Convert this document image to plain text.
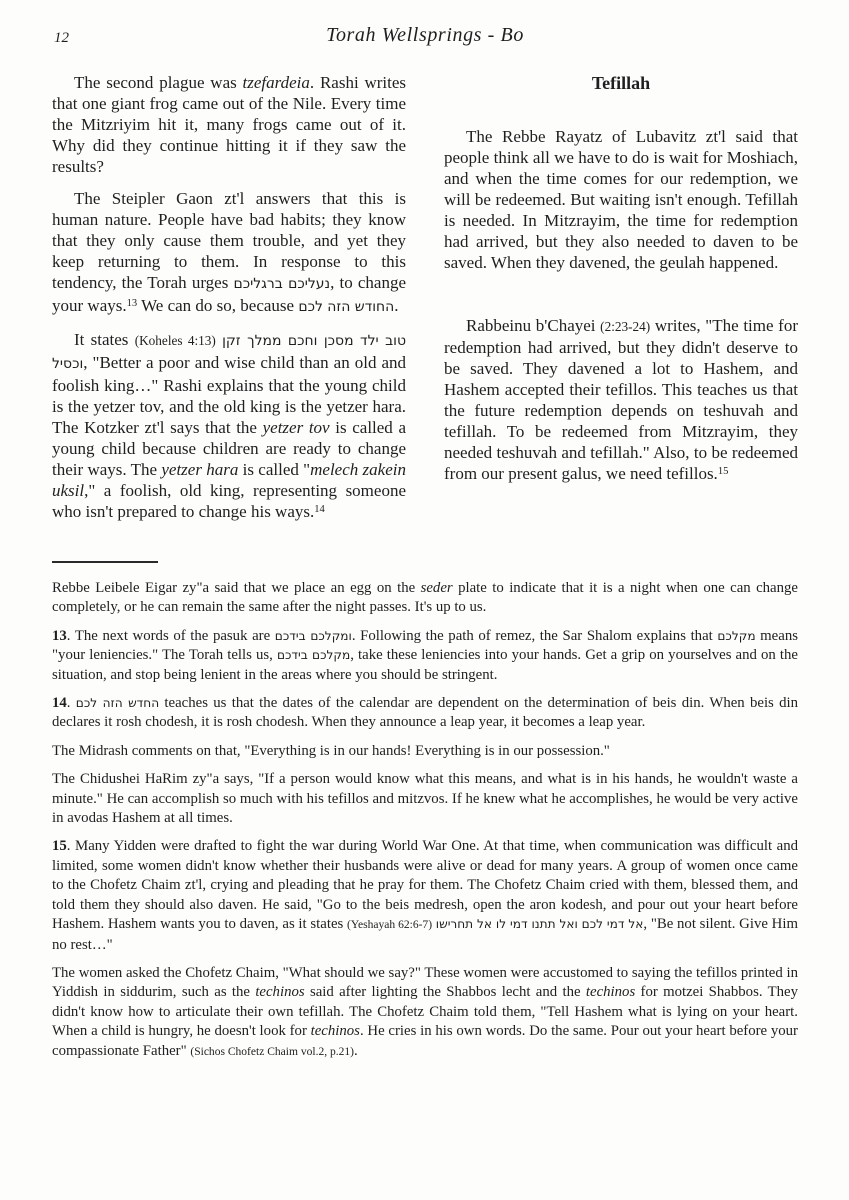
12	Torah Wellsprings - Bo

The second plague was tzefardeia. Rashi writes that one giant frog came out of the Nile. Every time the Mitzriyim hit it, many frogs came out of it. Why did they continue hitting it if they saw the results?

The Steipler Gaon zt'l answers that this is human nature. People have bad habits; they know that they only cause them trouble, and yet they keep returning to them. In response to this tendency, the Torah urges נעליכם ברגליכם, to change your ways.$^{13}$ We can do so, because החודש הזה לכם.

It states (Koheles 4:13) טוב ילד מסכן וחכם ממלך זקן וכסיל, "Better a poor and wise child than an old and foolish king…" Rashi explains that the young child is the yetzer tov, and the old king is the yetzer hara. The Kotzker zt'l says that the yetzer tov is called a young child because children are ready to change their ways. The yetzer hara is called "melech zakein uksil," a foolish, old king, representing someone who isn't prepared to change his ways.$^{14}$

Tefillah

The Rebbe Rayatz of Lubavitz zt'l said that people think all we have to do is wait for Moshiach, and when the time comes for our redemption, we will be redeemed. But waiting isn't enough. Tefillah is needed. In Mitzrayim, the time for redemption had arrived, but they also needed to daven to be saved. When they davened, the geulah happened.

Rabbeinu b'Chayei (2:23-24) writes, "The time for redemption had arrived, but they didn't deserve to be saved. They davened a lot to Hashem, and Hashem accepted their tefillos. This teaches us that the future redemption depends on teshuvah and tefillah. To be redeemed from Mitzrayim, they needed teshuvah and tefillah." Also, to be redeemed from our present galus, we need tefillos.$^{15}$

Rebbe Leibele Eigar zy"a said that we place an egg on the seder plate to indicate that it is a night when one can change completely, or he can remain the same after the night passes. It's up to us.

13. The next words of the pasuk are ומקלכם בידכם. Following the path of remez, the Sar Shalom explains that מקלכם means "your leniencies." The Torah tells us, מקלכם בידכם, take these leniencies into your hands. Get a grip on yourselves and on the situation, and stop being lenient in the areas where you should be stringent.

14. החדש הזה לכם teaches us that the dates of the calendar are dependent on the determination of beis din. When beis din declares it rosh chodesh, it is rosh chodesh. When they announce a leap year, it becomes a leap year.

The Midrash comments on that, "Everything is in our hands! Everything is in our possession."

The Chidushei HaRim zy"a says, "If a person would know what this means, and what is in his hands, he wouldn't waste a minute." He can accomplish so much with his tefillos and mitzvos. If he knew what he accomplishes, he would be very active in avodas Hashem at all times.

15. Many Yidden were drafted to fight the war during World War One. At that time, when communication was difficult and limited, some women didn't know whether their husbands were alive or dead for many years. A group of women once came to the Chofetz Chaim zt'l, crying and pleading that he pray for them. The Chofetz Chaim cried with them, blessed them, and told them they should also daven. He said, "Go to the beis medresh, open the aron kodesh, and pour out your heart before Hashem. Hashem wants you to daven, as it states (Yeshayah 62:6-7) אל דמי לכם ואל תתנו דמי לו אל תחרישו, "Be not silent. Give Him no rest…"

The women asked the Chofetz Chaim, "What should we say?" These women were accustomed to saying the tefillos printed in Yiddish in siddurim, such as the techinos said after lighting the Shabbos lecht and the techinos for motzei Shabbos. They didn't know how to articulate their own tefillah. The Chofetz Chaim told them, "Tell Hashem what is lying on your heart. When a child is hungry, he doesn't look for techinos. He cries in his own words. Do the same. Pour out your heart before your compassionate Father" (Sichos Chofetz Chaim vol.2, p.21).
